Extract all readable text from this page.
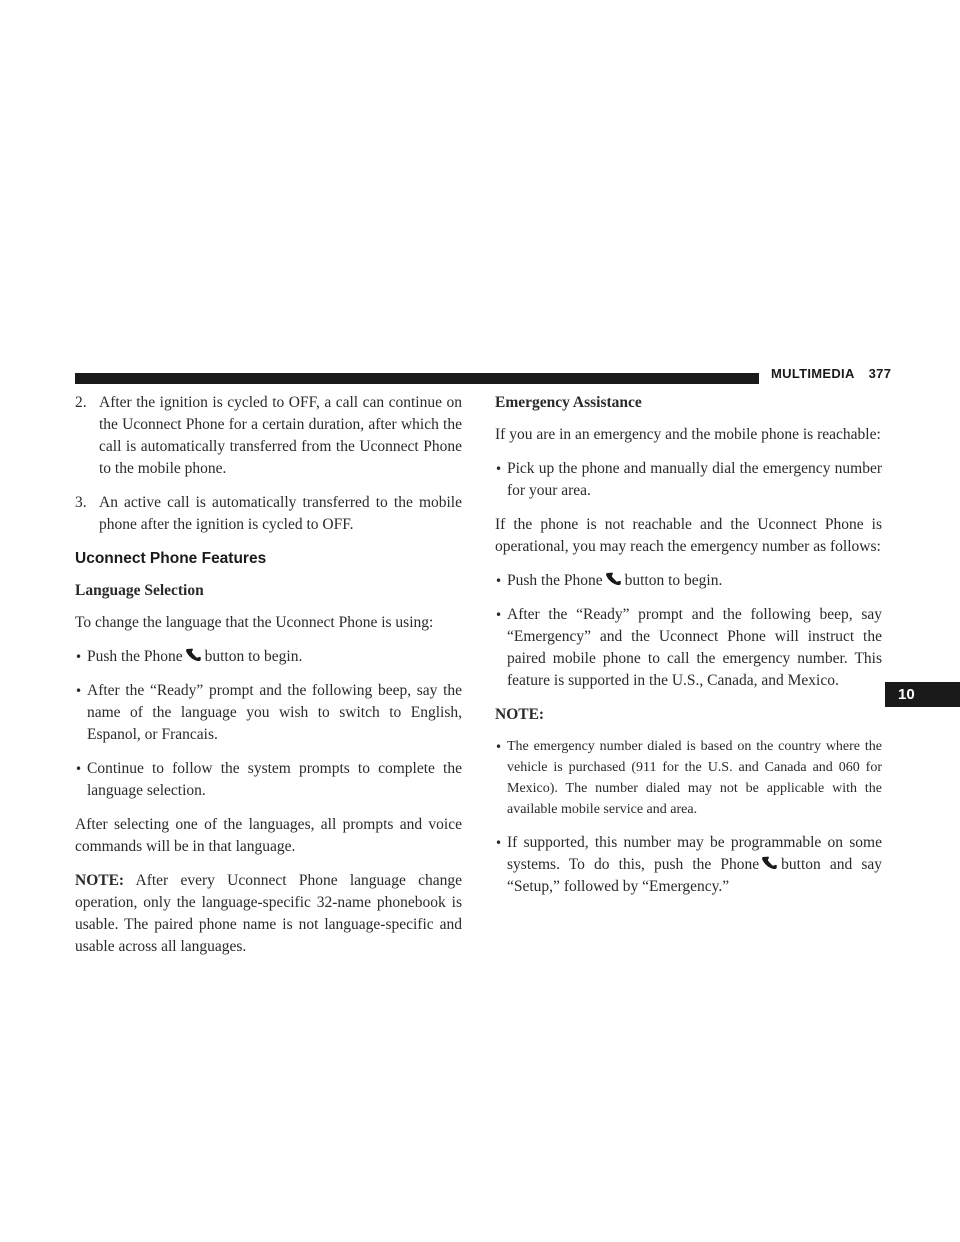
MULTIMEDIA 377
10
2. After the ignition is cycled to OFF, a call can continue on the Uconnect Phone for a certain duration, after which the call is automatically transferred from the Uconnect Phone to the mobile phone.
3. An active call is automatically transferred to the mobile phone after the ignition is cycled to OFF.
Uconnect Phone Features
Language Selection

To change the language that the Uconnect Phone is using:

• Push the Phone button to begin.
• After the “Ready” prompt and the following beep, say the name of the language you wish to switch to English, Espanol, or Francais.
• Continue to follow the system prompts to complete the language selection.

After selecting one of the languages, all prompts and voice commands will be in that language.

NOTE: After every Uconnect Phone language change operation, only the language-specific 32-name phonebook is usable. The paired phone name is not language-specific and usable across all languages.

Emergency Assistance

If you are in an emergency and the mobile phone is reachable:

• Pick up the phone and manually dial the emergency number for your area.

If the phone is not reachable and the Uconnect Phone is operational, you may reach the emergency number as follows:

• Push the Phone button to begin.
• After the “Ready” prompt and the following beep, say “Emergency” and the Uconnect Phone will instruct the paired mobile phone to call the emergency number. This feature is supported in the U.S., Canada, and Mexico.
NOTE:
• The emergency number dialed is based on the country where the vehicle is purchased (911 for the U.S. and Canada and 060 for Mexico). The number dialed may not be applicable with the available mobile service and area.
• If supported, this number may be programmable on some systems. To do this, push the Phone button and say “Setup,” followed by “Emergency.”
